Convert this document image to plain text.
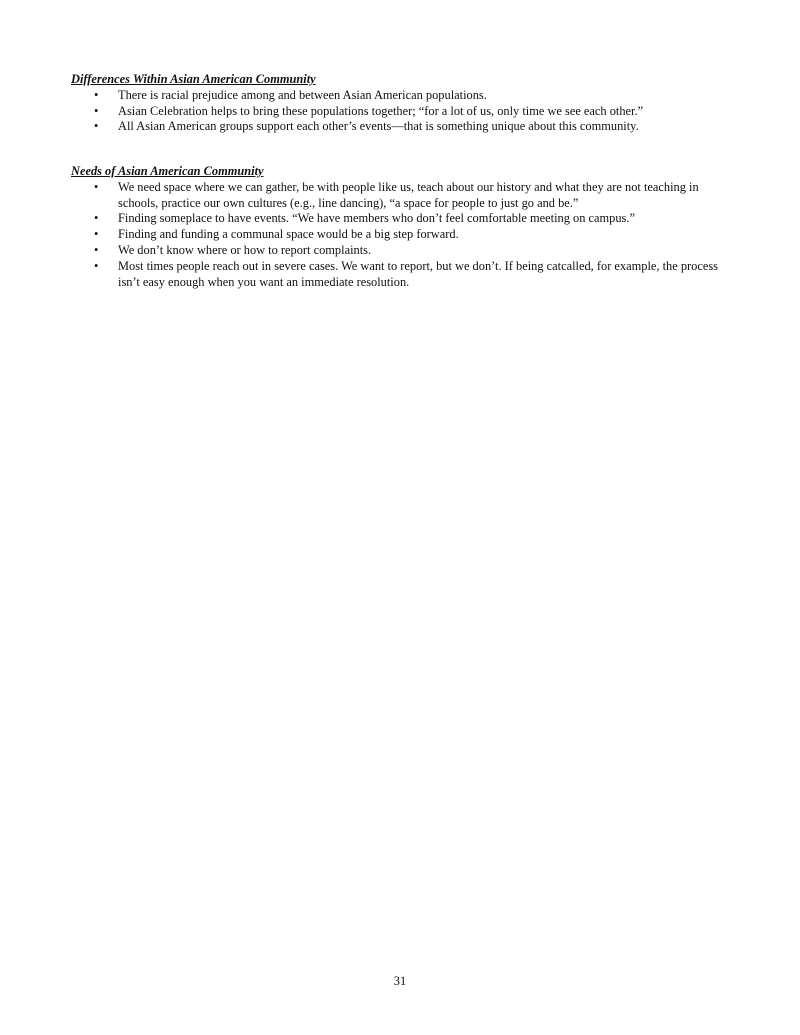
Differences Within Asian American Community

• There is racial prejudice among and between Asian American populations.
• Asian Celebration helps to bring these populations together; “for a lot of us, only time we see each other.”
• All Asian American groups support each other’s events—that is something unique about this community.

Needs of Asian American Community

• We need space where we can gather, be with people like us, teach about our history and what they are not teaching in schools, practice our own cultures (e.g., line dancing), “a space for people to just go and be.”
• Finding someplace to have events. “We have members who don’t feel comfortable meeting on campus.”
• Finding and funding a communal space would be a big step forward.
• We don’t know where or how to report complaints.
• Most times people reach out in severe cases. We want to report, but we don’t. If being catcalled, for example, the process isn’t easy enough when you want an immediate resolution.
31
